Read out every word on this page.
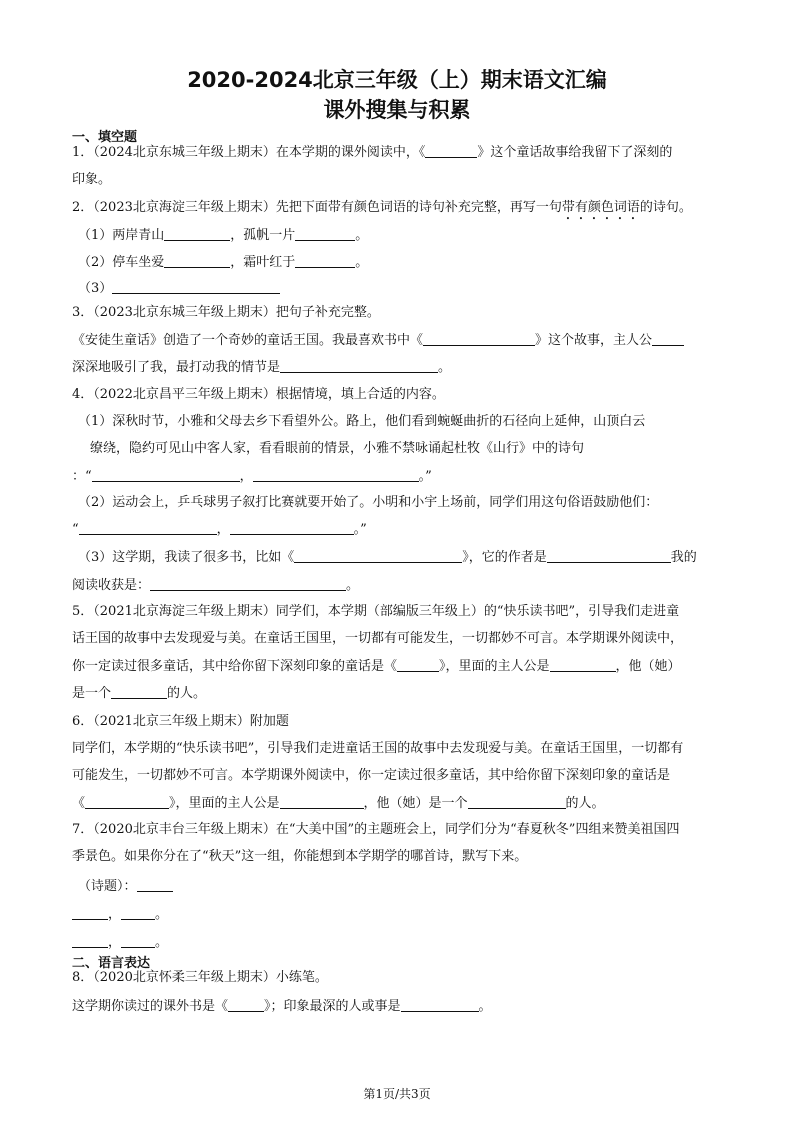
2020-2024北京三年级（上）期末语文汇编
课外搜集与积累
一、填空题
1．（2024北京东城三年级上期末）在本学期的课外阅读中，《	》这个童话故事给我留下了深刻的
印象。
2．（2023北京海淀三年级上期末）先把下面带有颜色词语的诗句补充完整，再写一句带有颜色词语的诗句。
（1）两岸青山	，孤帆一片	。
（2）停车坐爱	，霜叶红于	。
（3）
3．（2023北京东城三年级上期末）把句子补充完整。
《安徒生童话》创造了一个奇妙的童话王国。我最喜欢书中《	》这个故事，主人公
深深地吸引了我，最打动我的情节是	。
4．（2022北京昌平三年级上期末）根据情境，填上合适的内容。
（1）深秋时节，小雅和父母去乡下看望外公。路上，他们看到蜿蜒曲折的石径向上延伸，山顶白云
缭绕，隐约可见山中客人家，看看眼前的情景，小雅不禁咏诵起杜牧《山行》中的诗句
：“	，	。”
（2）运动会上，乒乓球男子叙打比赛就要开始了。小明和小宇上场前，同学们用这句俗语鼓励他们：
“	，	。”
（3）这学期，我读了很多书，比如《	》，它的作者是	我的
阅读收获是：	。
5．（2021北京海淀三年级上期末）同学们，本学期（部编版三年级上）的“快乐读书吧”，引导我们走进童
话王国的故事中去发现爱与美。在童话王国里，一切都有可能发生，一切都妙不可言。本学期课外阅读中，
你一定读过很多童话，其中给你留下深刻印象的童话是《	》，里面的主人公是	，他（她）
是一个	的人。
6．（2021北京三年级上期末）附加题
同学们，本学期的“快乐读书吧”，引导我们走进童话王国的故事中去发现爱与美。在童话王国里，一切都有
可能发生，一切都妙不可言。本学期课外阅读中，你一定读过很多童话，其中给你留下深刻印象的童话是
《	》，里面的主人公是	，他（她）是一个	的人。
7．（2020北京丰台三年级上期末）在“大美中国”的主题班会上，同学们分为“春夏秋冬”四组来赞美祖国四
季景色。如果你分在了“秋天”这一组，你能想到本学期学的哪首诗，默写下来。
（诗题）：
，	。
，	。
二、语言表达
8．（2020北京怀柔三年级上期末）小练笔。
这学期你读过的课外书是《	》；印象最深的人或事是	。
第1页/共3页
